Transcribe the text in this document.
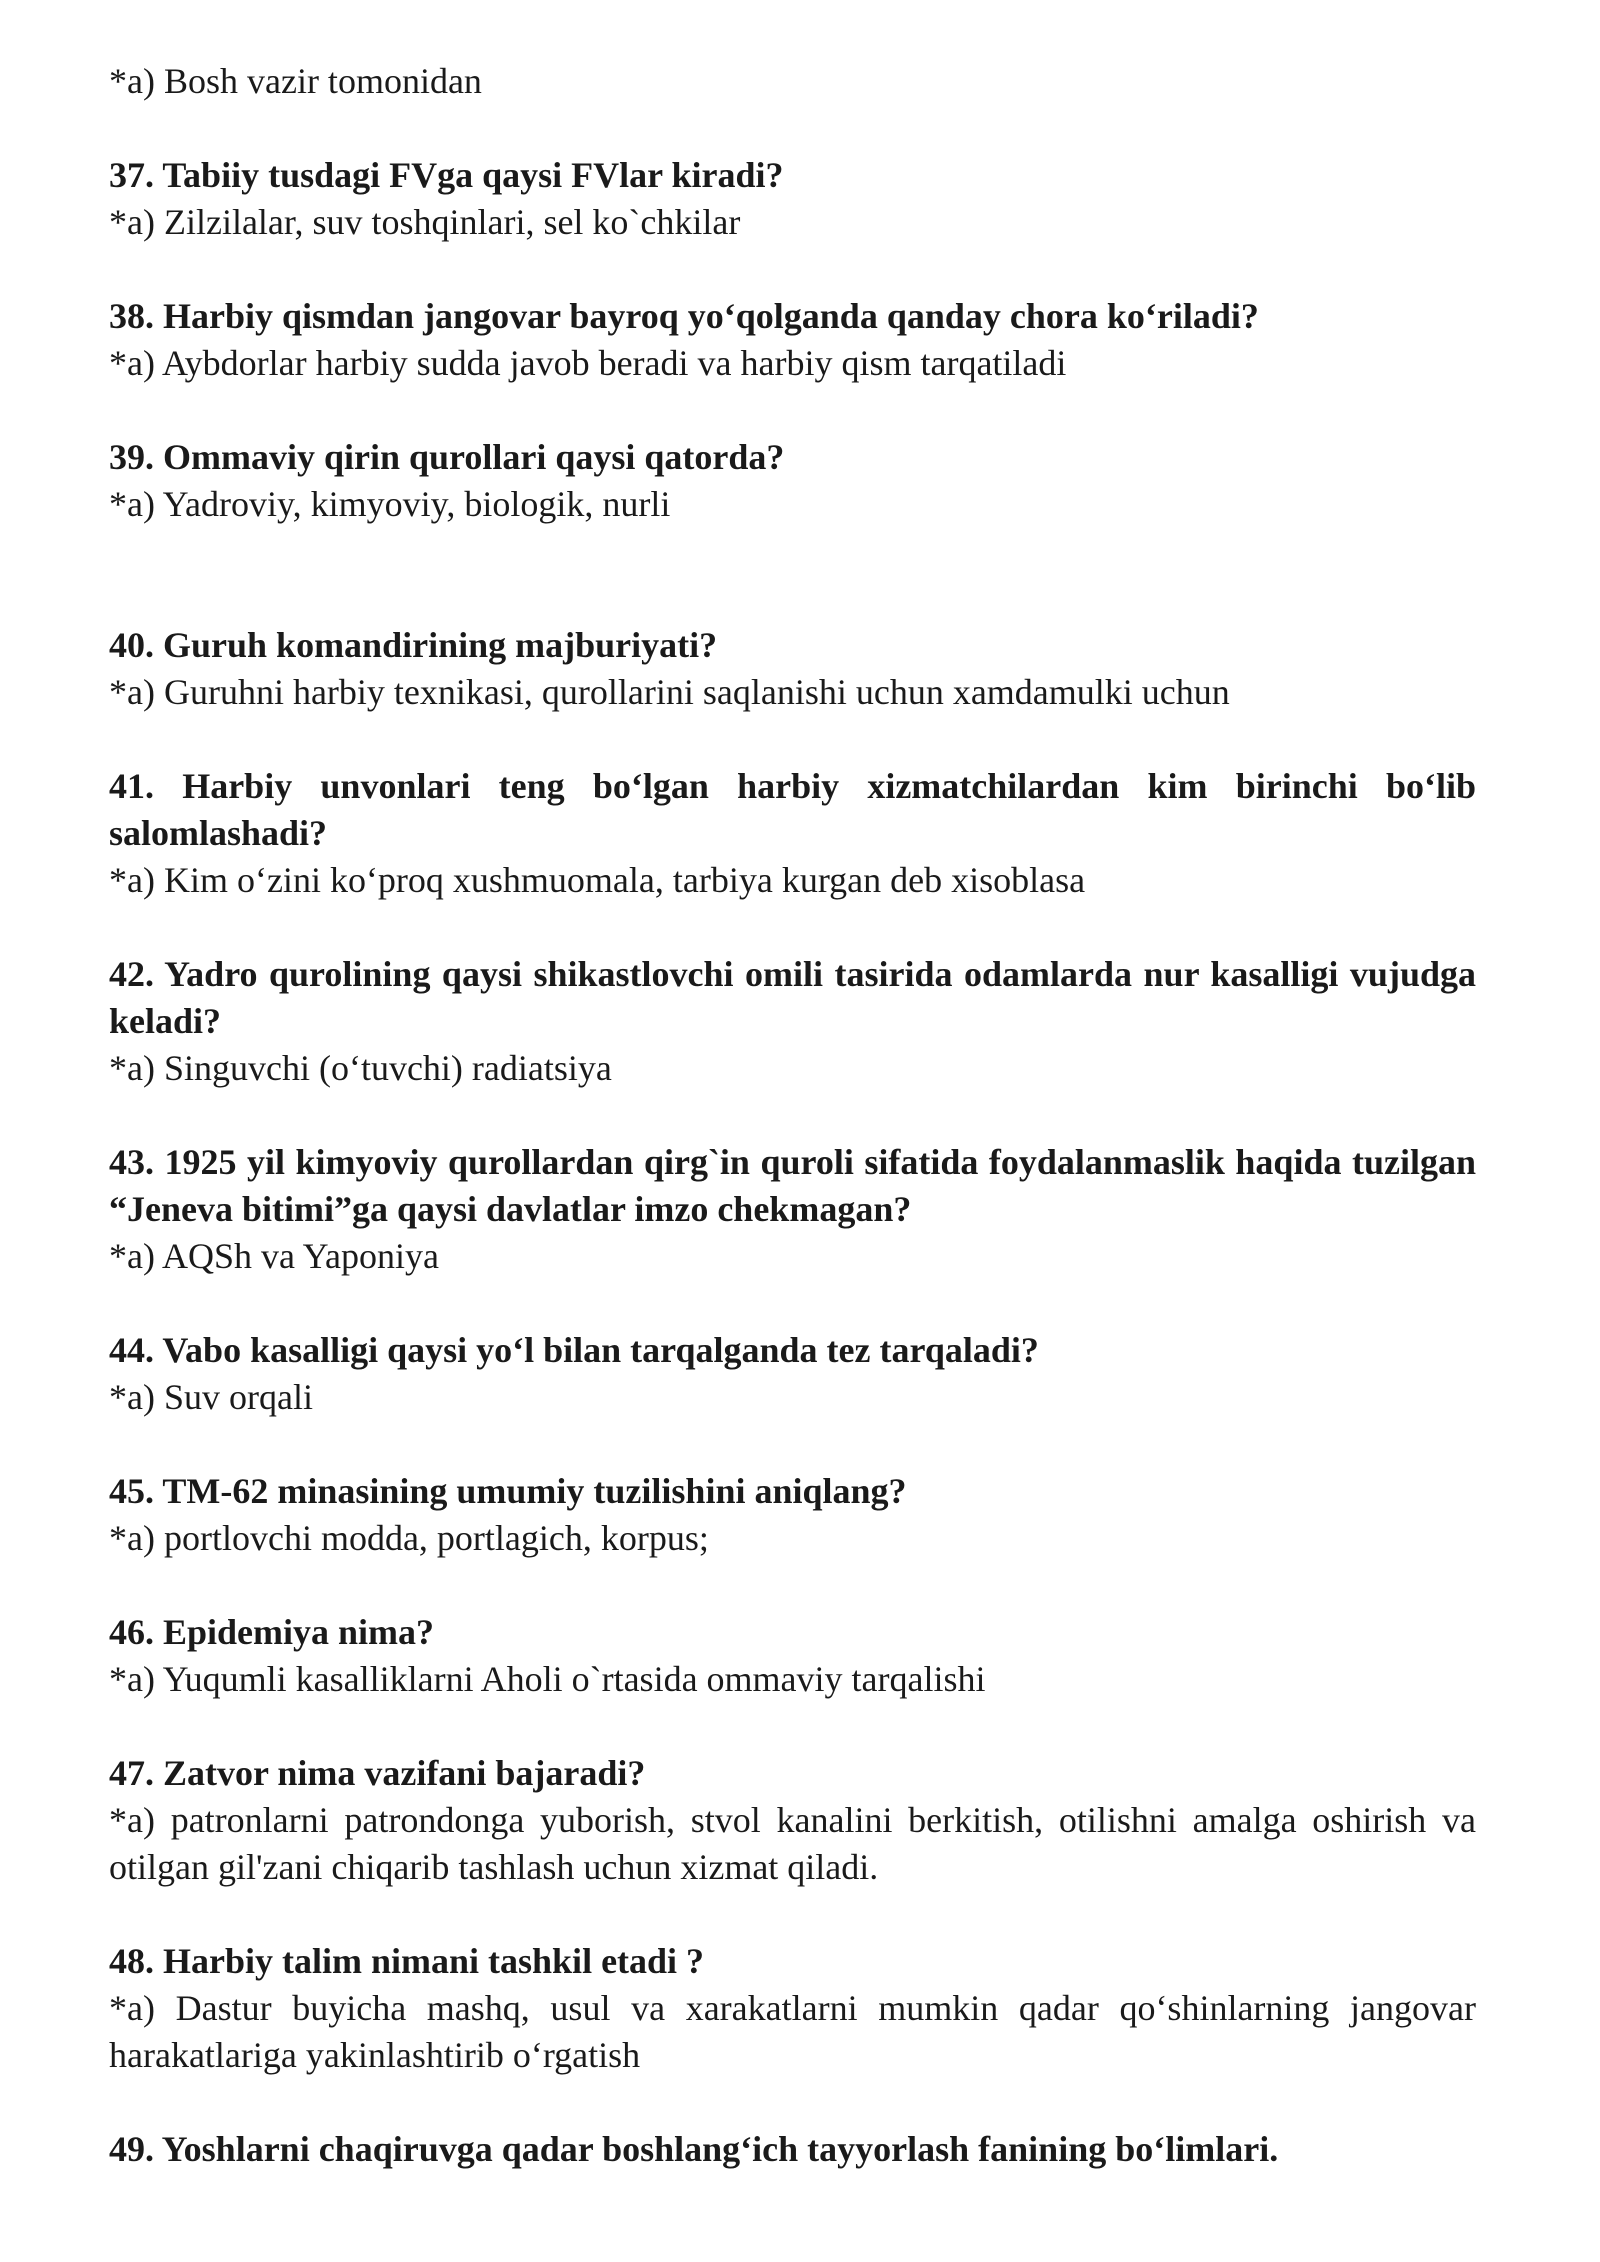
*a) Bosh vazir tomonidan

37. Tabiiy tusdagi FVga qaysi FVlar kiradi?

*a) Zilzilalar, suv toshqinlari, sel ko`chkilar

38. Harbiy qismdan jangovar bayroq yo‘qolganda qanday chora ko‘riladi?

*a) Aybdorlar harbiy sudda javob beradi va harbiy qism tarqatiladi

39. Ommaviy qirin qurollari qaysi qatorda?

*a) Yadroviy, kimyoviy, biologik, nurli

40. Guruh komandirining majburiyati?

*a) Guruhni harbiy texnikasi, qurollarini saqlanishi uchun xamdamulki uchun

41. Harbiy unvonlari teng bo‘lgan harbiy xizmatchilardan kim birinchi bo‘lib salomlashadi?

*a) Kim o‘zini ko‘proq xushmuomala, tarbiya kurgan deb xisoblasa

42. Yadro qurolining qaysi shikastlovchi omili tasirida odamlarda nur kasalligi vujudga keladi?

*a) Singuvchi (o‘tuvchi) radiatsiya

43. 1925 yil kimyoviy qurollardan qirg`in quroli sifatida foydalanmaslik haqida tuzilgan “Jeneva bitimi”ga qaysi davlatlar imzo chekmagan?

*a) AQSh va Yaponiya

44. Vabo kasalligi qaysi yo‘l bilan tarqalganda tez tarqaladi?

*a) Suv orqali

45. TM-62 minasining umumiy tuzilishini aniqlang?

*a) portlovchi modda, portlagich, korpus;

46. Epidemiya nima?

*a) Yuqumli kasalliklarni Aholi o`rtasida ommaviy tarqalishi

47. Zatvor nima vazifani bajaradi?

*a) patronlarni patrondonga yuborish, stvol kanalini berkitish, otilishni amalga oshirish va otilgan gil'zani chiqarib tashlash uchun xizmat qiladi.

48. Harbiy talim nimani tashkil etadi ?

*a) Dastur buyicha mashq, usul va xarakatlarni mumkin qadar qo‘shinlarning jangovar harakatlariga yakinlashtirib o‘rgatish

49. Yoshlarni chaqiruvga qadar boshlang‘ich tayyorlash fanining bo‘limlari.
